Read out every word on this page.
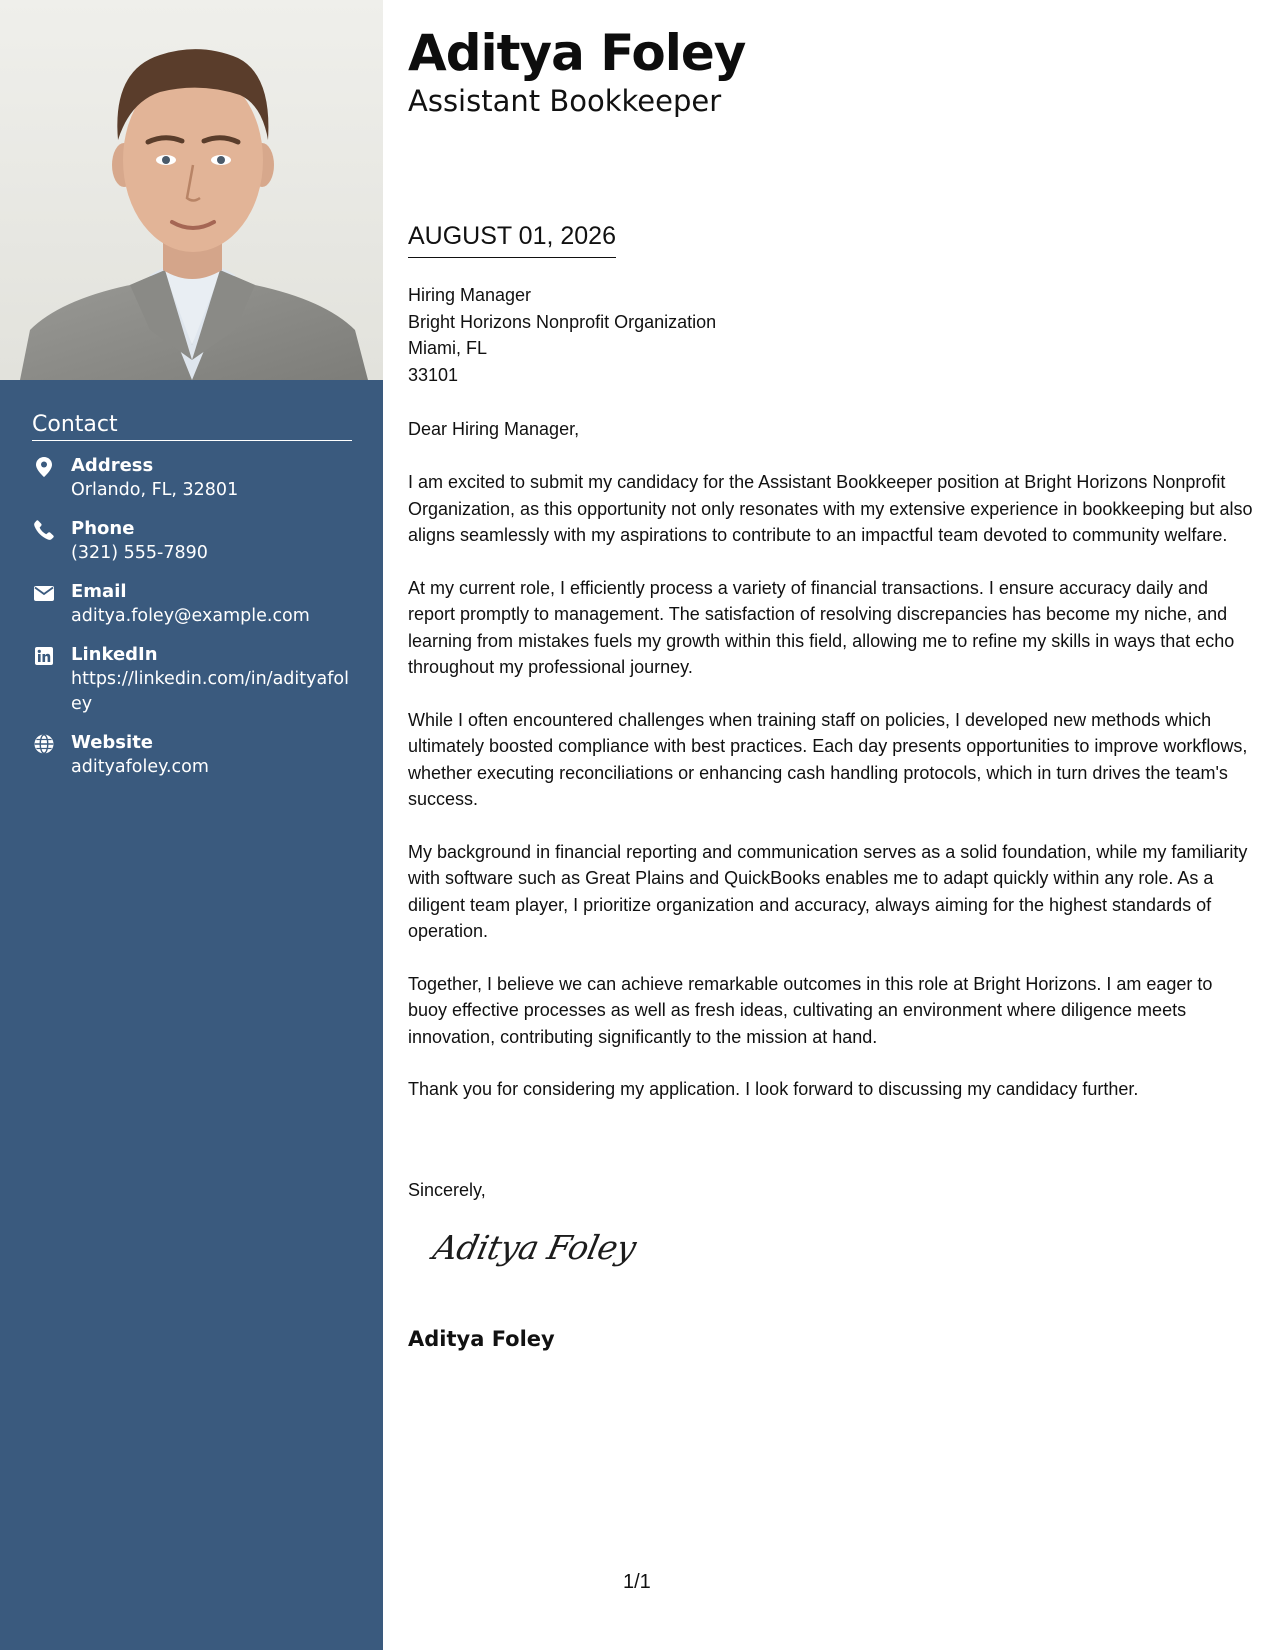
Contact
Address
Orlando, FL, 32801
Phone
(321) 555-7890
Email
aditya.foley@example.com
LinkedIn
https://linkedin.com/in/adityafoley
Website
adityafoley.com
Aditya Foley
Assistant Bookkeeper
AUGUST 01, 2026
Hiring Manager
Bright Horizons Nonprofit Organization
Miami, FL
33101
Dear Hiring Manager,

I am excited to submit my candidacy for the Assistant Bookkeeper position at Bright Horizons Nonprofit Organization, as this opportunity not only resonates with my extensive experience in bookkeeping but also aligns seamlessly with my aspirations to contribute to an impactful team devoted to community welfare.

At my current role, I efficiently process a variety of financial transactions. I ensure accuracy daily and report promptly to management. The satisfaction of resolving discrepancies has become my niche, and learning from mistakes fuels my growth within this field, allowing me to refine my skills in ways that echo throughout my professional journey.

While I often encountered challenges when training staff on policies, I developed new methods which ultimately boosted compliance with best practices. Each day presents opportunities to improve workflows, whether executing reconciliations or enhancing cash handling protocols, which in turn drives the team's success.

My background in financial reporting and communication serves as a solid foundation, while my familiarity with software such as Great Plains and QuickBooks enables me to adapt quickly within any role. As a diligent team player, I prioritize organization and accuracy, always aiming for the highest standards of operation.

Together, I believe we can achieve remarkable outcomes in this role at Bright Horizons. I am eager to buoy effective processes as well as fresh ideas, cultivating an environment where diligence meets innovation, contributing significantly to the mission at hand.

Thank you for considering my application. I look forward to discussing my candidacy further.

Sincerely,
Aditya Foley
Aditya Foley
1/1
